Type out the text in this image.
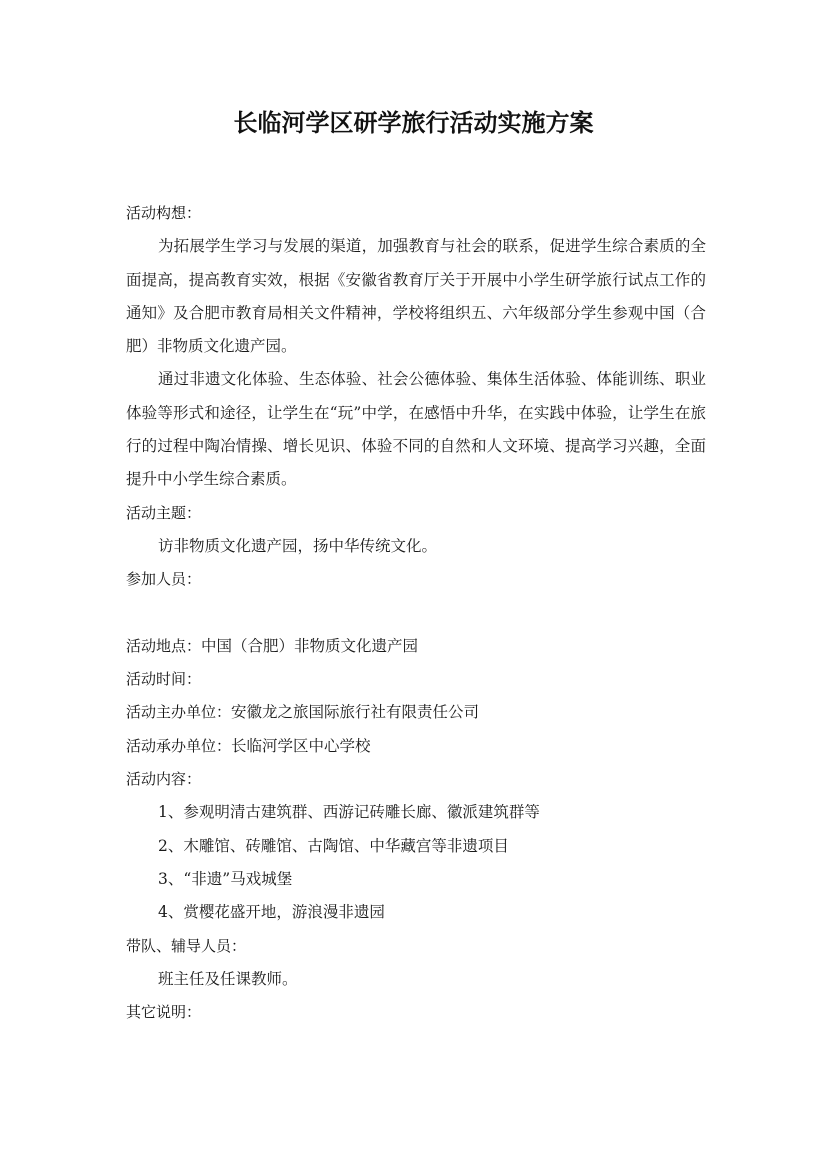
长临河学区研学旅行活动实施方案
活动构想：

为拓展学生学习与发展的渠道，加强教育与社会的联系，促进学生综合素质的全面提高，提高教育实效，根据《安徽省教育厅关于开展中小学生研学旅行试点工作的通知》及合肥市教育局相关文件精神，学校将组织五、六年级部分学生参观中国（合肥）非物质文化遗产园。

通过非遗文化体验、生态体验、社会公德体验、集体生活体验、体能训练、职业体验等形式和途径，让学生在“玩”中学，在感悟中升华，在实践中体验，让学生在旅行的过程中陶冶情操、增长见识、体验不同的自然和人文环境、提高学习兴趣，全面提升中小学生综合素质。

活动主题：
访非物质文化遗产园，扬中华传统文化。
参加人员：
活动地点：中国（合肥）非物质文化遗产园
活动时间：
活动主办单位：安徽龙之旅国际旅行社有限责任公司
活动承办单位：长临河学区中心学校
活动内容：
1、参观明清古建筑群、西游记砖雕长廊、徽派建筑群等
2、木雕馆、砖雕馆、古陶馆、中华藏宫等非遗项目
3、“非遗”马戏城堡
4、赏樱花盛开地，游浪漫非遗园
带队、辅导人员：
班主任及任课教师。
其它说明：
